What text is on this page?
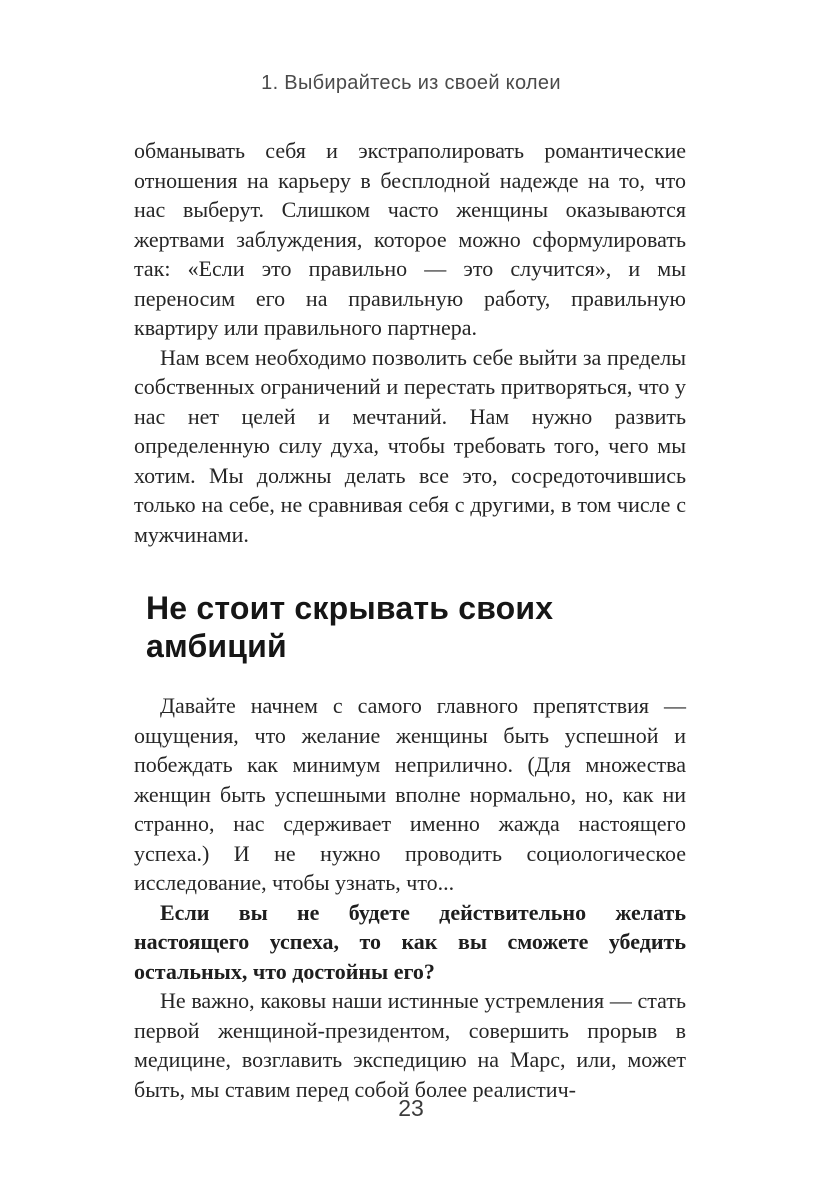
1. Выбирайтесь из своей колеи

обманывать себя и экстраполировать романтические отношения на карьеру в бесплодной надежде на то, что нас выберут. Слишком часто женщины оказываются жертвами заблуждения, которое можно сформулировать так: «Если это правильно — это случится», и мы переносим его на правильную работу, правильную квартиру или правильного партнера.

Нам всем необходимо позволить себе выйти за пределы собственных ограничений и перестать притворяться, что у нас нет целей и мечтаний. Нам нужно развить определенную силу духа, чтобы требовать того, чего мы хотим. Мы должны делать все это, сосредоточившись только на себе, не сравнивая себя с другими, в том числе с мужчинами.

Не стоит скрывать своих амбиций

Давайте начнем с самого главного препятствия — ощущения, что желание женщины быть успешной и побеждать как минимум неприлично. (Для множества женщин быть успешными вполне нормально, но, как ни странно, нас сдерживает именно жажда настоящего успеха.) И не нужно проводить социологическое исследование, чтобы узнать, что...

Если вы не будете действительно желать настоящего успеха, то как вы сможете убедить остальных, что достойны его?

Не важно, каковы наши истинные устремления — стать первой женщиной-президентом, совершить прорыв в медицине, возглавить экспедицию на Марс, или, может быть, мы ставим перед собой более реалистич-

23
